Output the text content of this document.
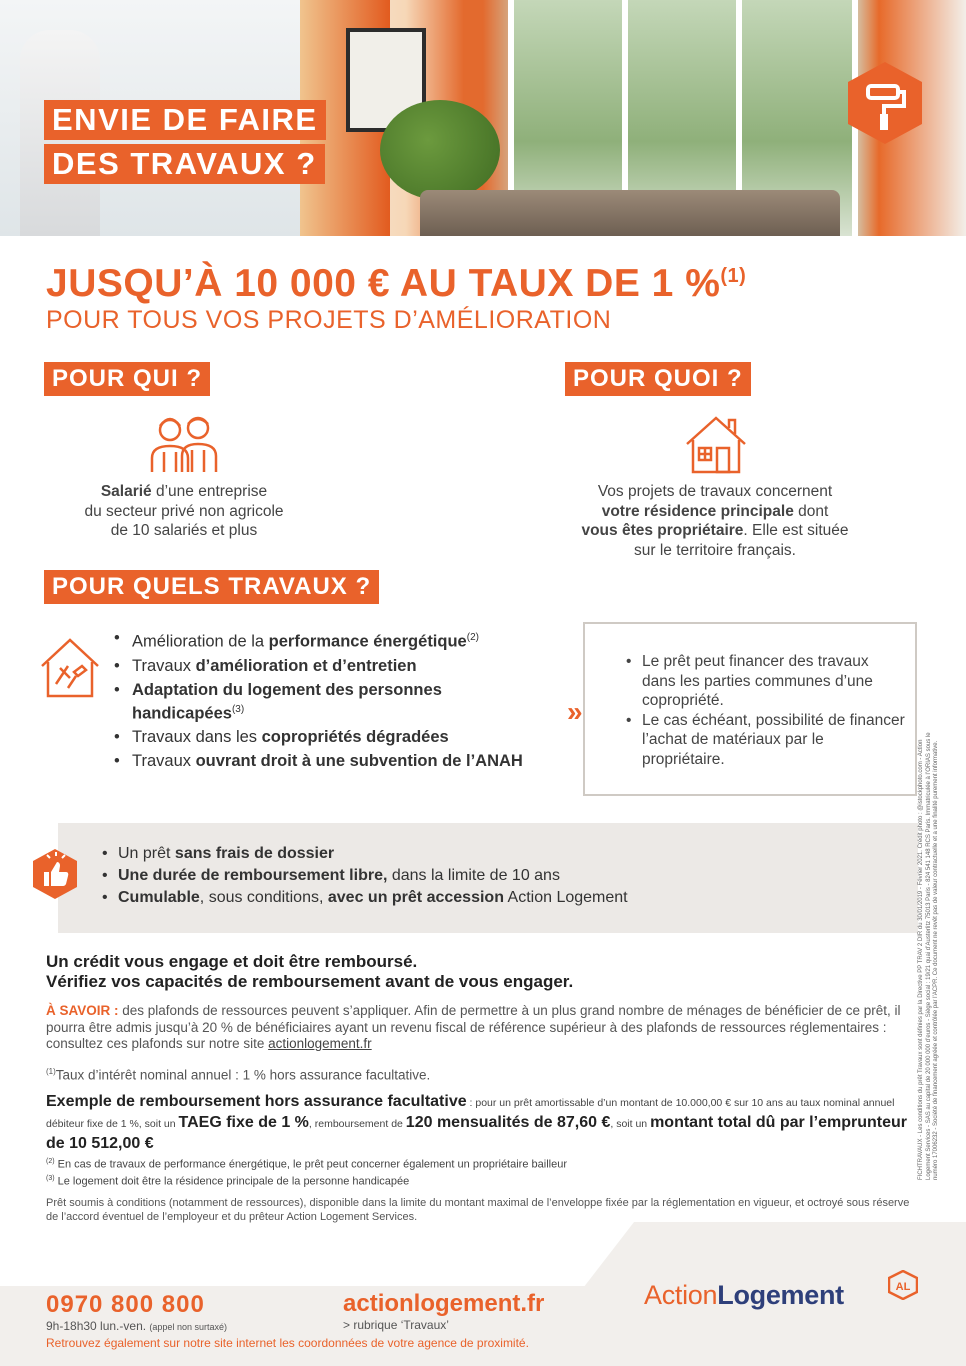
ENVIE DE FAIRE
DES TRAVAUX ?
JUSQU’À 10 000 € AU TAUX DE 1 %$^{(1)}$
POUR TOUS VOS PROJETS D’AMÉLIORATION
POUR QUI ?
Salarié d’une entreprise
du secteur privé non agricole
de 10 salariés et plus
POUR QUOI ?
Vos projets de travaux concernent
votre résidence principale dont
vous êtes propriétaire. Elle est située
sur le territoire français.
POUR QUELS TRAVAUX ?
• Amélioration de la performance énergétique$^{(2)}$
• Travaux d’amélioration et d’entretien
• Adaptation du logement des personnes handicapées$^{(3)}$
• Travaux dans les copropriétés dégradées
• Travaux ouvrant droit à une subvention de l’ANAH
»
• Le prêt peut financer des travaux dans les parties communes d’une copropriété.
• Le cas échéant, possibilité de financer l’achat de matériaux par le propriétaire.
• Un prêt sans frais de dossier
• Une durée de remboursement libre, dans la limite de 10 ans
• Cumulable, sous conditions, avec un prêt accession Action Logement
Un crédit vous engage et doit être remboursé.
Vérifiez vos capacités de remboursement avant de vous engager.
À SAVOIR : des plafonds de ressources peuvent s’appliquer. Afin de permettre à un plus grand nombre de ménages de bénéficier de ce prêt, il pourra être admis jusqu’à 20 % de bénéficiaires ayant un revenu fiscal de référence supérieur à des plafonds de ressources réglementaires : consultez ces plafonds sur notre site actionlogement.fr
$^{(1)}$Taux d’intérêt nominal annuel : 1 % hors assurance facultative.
Exemple de remboursement hors assurance facultative : pour un prêt amortissable d’un montant de 10.000,00 € sur 10 ans au taux nominal annuel débiteur fixe de 1 %, soit un TAEG fixe de 1 %, remboursement de 120 mensualités de 87,60 €, soit un montant total dû par l’emprunteur de 10 512,00 €
$^{(2)}$ En cas de travaux de performance énergétique, le prêt peut concerner également un propriétaire bailleur
$^{(3)}$ Le logement doit être la résidence principale de la personne handicapée
Prêt soumis à conditions (notamment de ressources), disponible dans la limite du montant maximal de l’enveloppe fixée par la réglementation en vigueur, et octroyé sous réserve de l’accord éventuel de l’employeur et du prêteur Action Logement Services.
FICHTRAVAUX - Les conditions du prêt Travaux sont définies par la Directive PP TRAV 2 DIR du 30/01/2019 - Février 2021. Crédit photo : @istockphoto.com - Action Logement Services - SAS au capital de 20 000 000 d’euros - Siège social : 19/21 quai d’Austerlitz 75013 Paris - 824 541 148 RCS Paris. Immatriculée à l’ORIAS sous le numéro 17006232 - Société de financement agréée et contrôlée par l’ACPR. Ce document ne revêt pas de valeur contractuelle et a une finalité purement informative.
0970 800 800
9h-18h30 lun.-ven. (appel non surtaxé)
actionlogement.fr
> rubrique ‘Travaux’
Retrouvez également sur notre site internet les coordonnées de votre agence de proximité.
ActionLogement	AL
